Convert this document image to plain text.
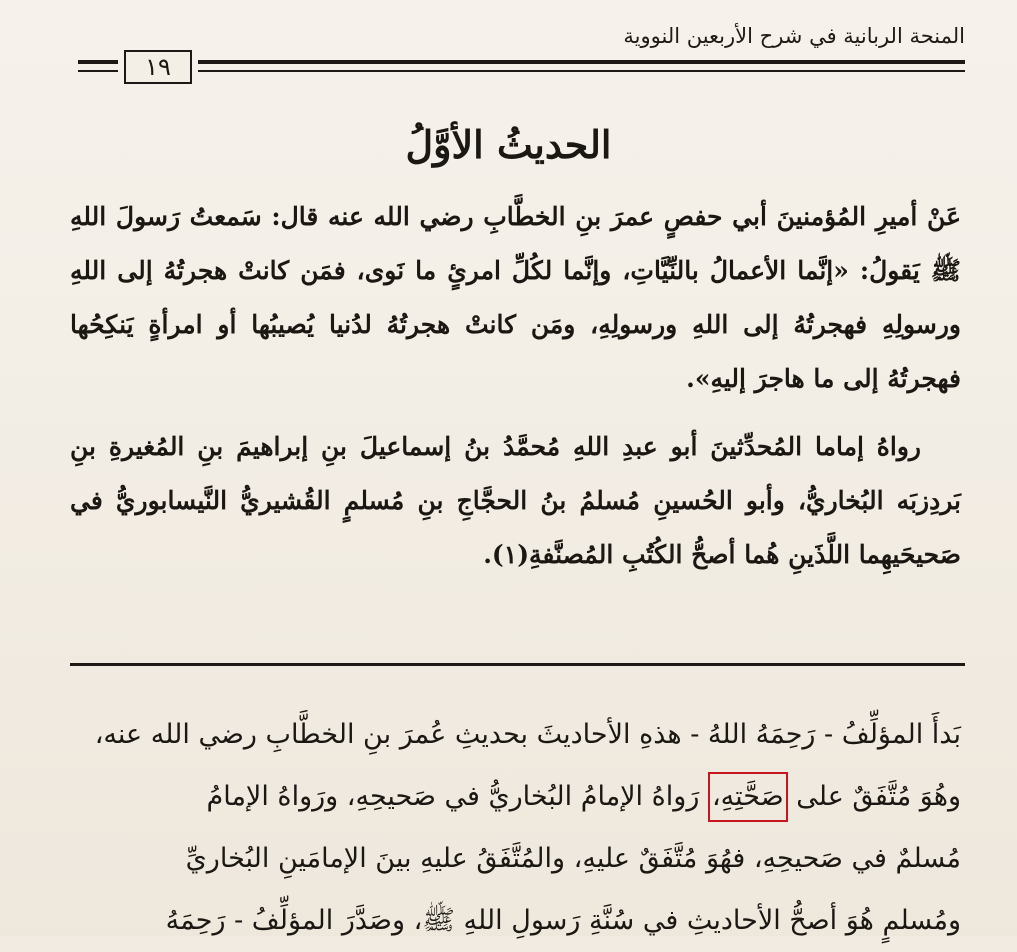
المنحة الربانية في شرح الأربعين النووية
١٩
الحديثُ الأوَّلُ

عَنْ أميرِ المُؤمنينَ أبي حفصٍ عمرَ بنِ الخطَّابِ رضي الله عنه قال: سَمعتُ رَسولَ اللهِ ﷺ يَقولُ: «إنَّما الأعمالُ بالنِّيَّاتِ، وإنَّما لكُلِّ امرئٍ ما نَوى، فمَن كانتْ هجرتُهُ إلى اللهِ ورسولِهِ فهجرتُهُ إلى اللهِ ورسولِهِ، ومَن كانتْ هجرتُهُ لدُنيا يُصيبُها أو امرأةٍ يَنكِحُها فهجرتُهُ إلى ما هاجرَ إليهِ».

رواهُ إماما المُحدِّثينَ أبو عبدِ اللهِ مُحمَّدُ بنُ إسماعيلَ بنِ إبراهيمَ بنِ المُغيرةِ بنِ بَردِزبَه البُخاريُّ، وأبو الحُسينِ مُسلمُ بنُ الحجَّاجِ بنِ مُسلمٍ القُشيريُّ النَّيسابوريُّ في صَحيحَيهِما اللَّذَينِ هُما أصحُّ الكُتُبِ المُصنَّفةِ(١).

بَدأَ المؤلِّفُ - رَحِمَهُ اللهُ - هذهِ الأحاديثَ بحديثِ عُمرَ بنِ الخطَّابِ رضي الله عنه،

وهُوَ مُتَّفَقٌ على صَحَّتِهِ، رَواهُ الإمامُ البُخاريُّ في صَحيحِهِ، ورَواهُ الإمامُ

مُسلمٌ في صَحيحِهِ، فهُوَ مُتَّفَقٌ عليهِ، والمُتَّفَقُ عليهِ بينَ الإمامَينِ البُخاريِّ

ومُسلمٍ هُوَ أصحُّ الأحاديثِ في سُنَّةِ رَسولِ اللهِ ﷺ، وصَدَّرَ المؤلِّفُ - رَحِمَهُ
